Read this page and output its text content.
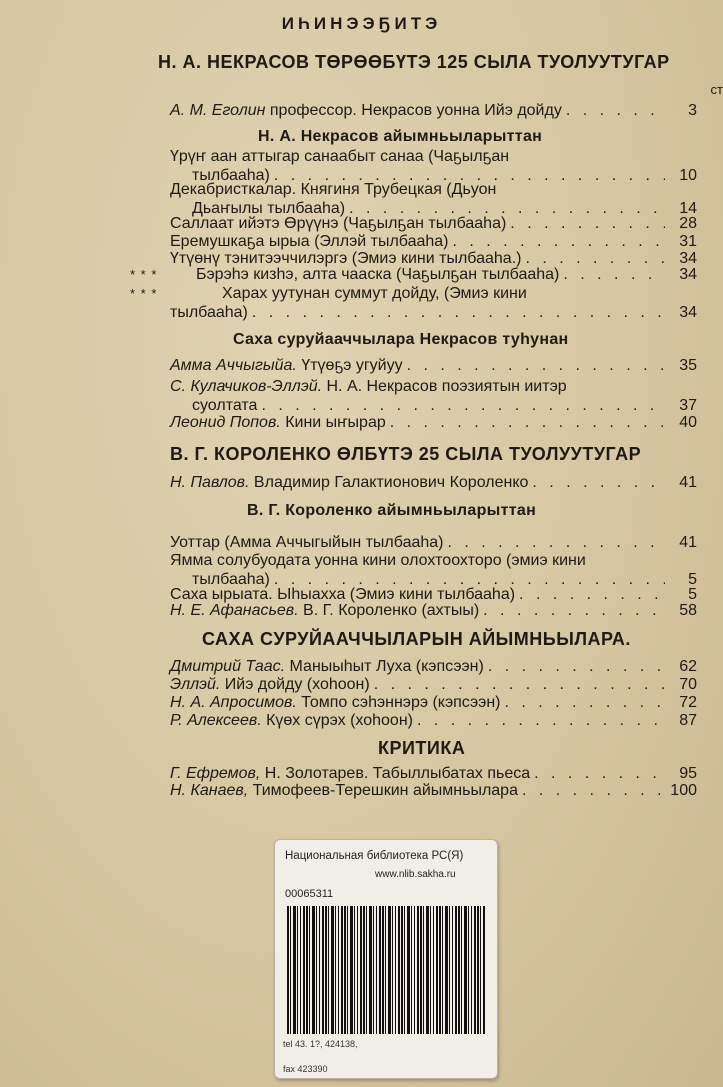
ИҺИНЭЭҔИТЭ
Н. А. НЕКРАСОВ ТӨРӨӨБҮТЭ 125 СЫЛА ТУОЛУУТУГАР
ст
А. М. Еголин профессор. Некрасов уонна Ийэ дойду . . .	3
Н. А. Некрасов айымньыларыттан
Үрүҥ аан аттыгар санаабыт санаа (Чаҕылҕан
тылбааһа) . . .	10
Декабристкалар. Княгиня Трубецкая (Дьуон
Дьаҥылы тылбааһа) . . .	14
Саллаат ийэтэ Өрүүнэ (Чаҕылҕан тылбааһа) . . .	28
Еремушкаҕа ырыа (Эллэй тылбааһа) . . .	31
Үтүөнү тэнитээччилэргэ (Эмиэ кини тылбааһа.) . . .	34
* * * Бэрэһэ кизһэ, алта чааска (Чаҕылҕан тылбааһа) . . .	34
* * *	Харах уутунан суммут дойду, (Эмиэ кини
тылбааһа) . . .	34
Саха суруйааччылара Некрасов туһунан
Амма Аччыгыйа. Үтүөҕэ угуйуу . . .	35
С. Кулачиков-Эллэй. Н. А. Некрасов поэзиятын иитэр
суолтата . . .	37
Леонид Попов. Кини ыҥырар . . .	40
В. Г. КОРОЛЕНКО ӨЛБҮТЭ 25 СЫЛА ТУОЛУУТУГАР
Н. Павлов. Владимир Галактионович Короленко . . .	41
В. Г. Короленко айымньыларыттан
Уоттар (Амма Аччыгыйын тылбааһа) . . .	41
Ямма солубуодата уонна кини олохтоохторо (эмиэ кини
тылбааһа) . . .	5
Саха ырыата. Ыһыахха (Эмиэ кини тылбааһа) . . .	5
Н. Е. Афанасьев. В. Г. Короленко (ахтыы) . . .	58
САХА СУРУЙААЧЧЫЛАРЫН АЙЫМНЬЫЛАРА.
Дмитрий Таас. Маныыһыт Луха (кэпсээн) . . .	62
Эллэй. Ийэ дойду (хоһоон) . . .	70
Н. А. Апросимов. Томпо сэһэннэрэ (кэпсээн) . . .	72
Р. Алексеев. Күөх сүрэх (хоһоон) . . .	87
КРИТИКА
Г. Ефремов, Н. Золотарев. Табыллыбатах пьеса . . .	95
Н. Канаев, Тимофеев-Терешкин айымньылара . . .	100
Национальная библиотека РС(Я)
www.nlib.sakha.ru
00065311
tel 43. 1?, 424138,
fax 423390
